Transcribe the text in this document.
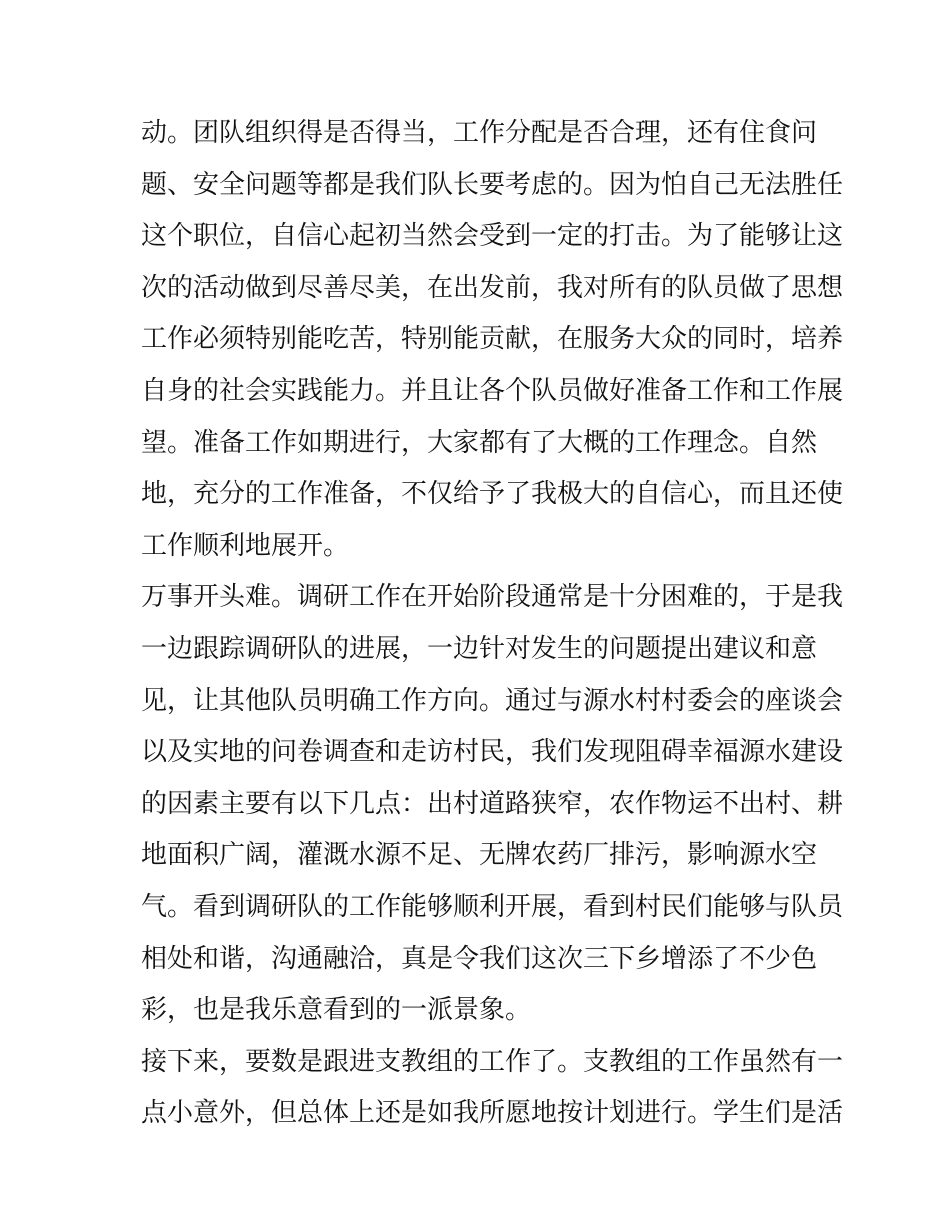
动。团队组织得是否得当，工作分配是否合理，还有住食问
题、安全问题等都是我们队长要考虑的。因为怕自己无法胜任
这个职位，自信心起初当然会受到一定的打击。为了能够让这
次的活动做到尽善尽美，在出发前，我对所有的队员做了思想
工作必须特别能吃苦，特别能贡献，在服务大众的同时，培养
自身的社会实践能力。并且让各个队员做好准备工作和工作展
望。准备工作如期进行，大家都有了大概的工作理念。自然
地，充分的工作准备，不仅给予了我极大的自信心，而且还使
工作顺利地展开。
万事开头难。调研工作在开始阶段通常是十分困难的，于是我
一边跟踪调研队的进展，一边针对发生的问题提出建议和意
见，让其他队员明确工作方向。通过与源水村村委会的座谈会
以及实地的问卷调查和走访村民，我们发现阻碍幸福源水建设
的因素主要有以下几点：出村道路狭窄，农作物运不出村、耕
地面积广阔，灌溉水源不足、无牌农药厂排污，影响源水空
气。看到调研队的工作能够顺利开展，看到村民们能够与队员
相处和谐，沟通融洽，真是令我们这次三下乡增添了不少色
彩，也是我乐意看到的一派景象。
接下来，要数是跟进支教组的工作了。支教组的工作虽然有一
点小意外，但总体上还是如我所愿地按计划进行。学生们是活
